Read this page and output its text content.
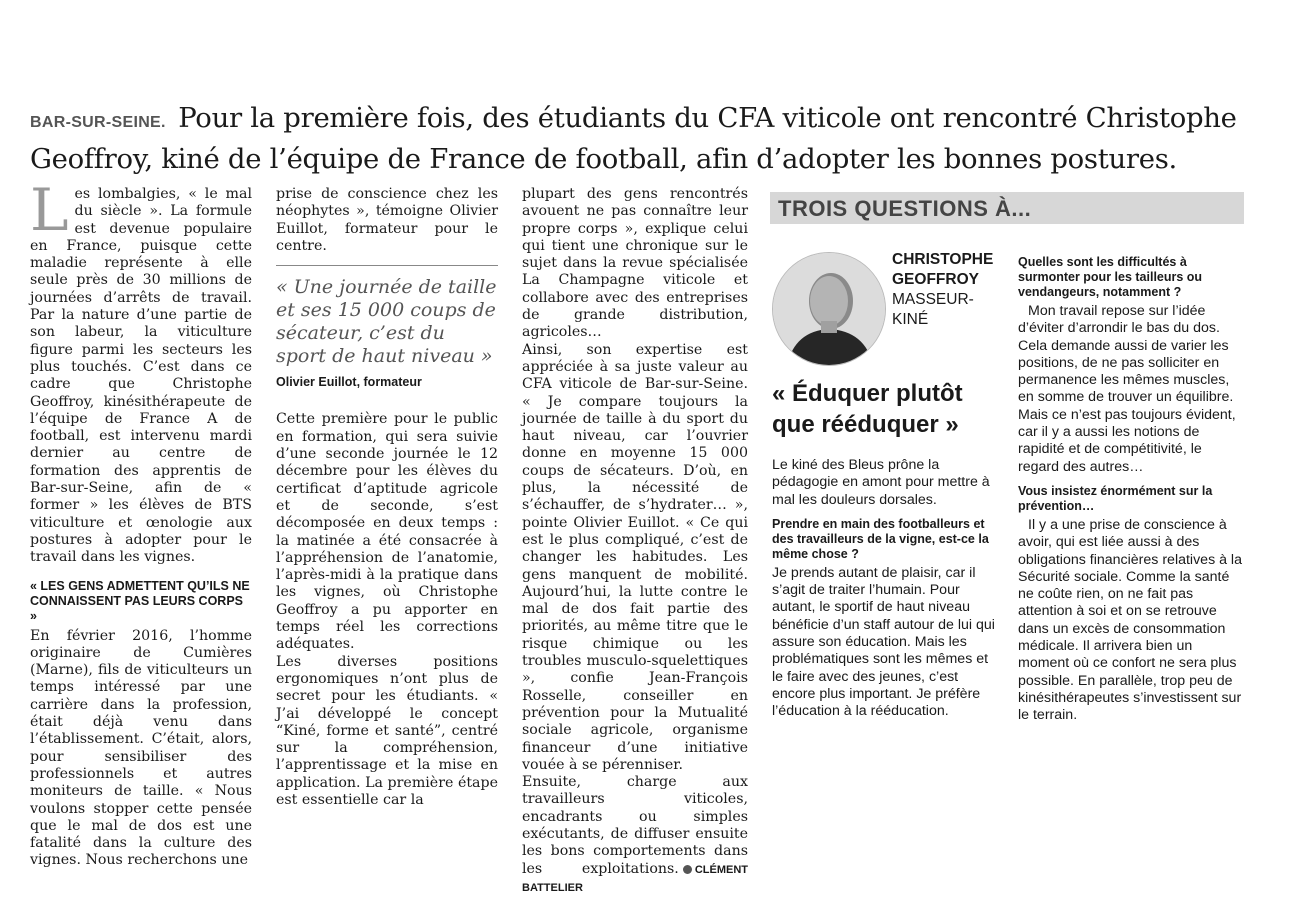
BAR-SUR-SEINE. Pour la première fois, des étudiants du CFA viticole ont rencontré Christophe Geoffroy, kiné de l’équipe de France de football, afin d’adopter les bonnes postures.
L es lombalgies, « le mal du siècle ». La formule est devenue populaire en France, puisque cette maladie représente à elle seule près de 30 millions de journées d’arrêts de travail. Par la nature d’une partie de son labeur, la viticulture figure parmi les secteurs les plus touchés. C’est dans ce cadre que Christophe Geoffroy, kinésithérapeute de l’équipe de France A de football, est intervenu mardi dernier au centre de formation des apprentis de Bar-sur-Seine, afin de « former » les élèves de BTS viticulture et œnologie aux postures à adopter pour le travail dans les vignes.

« LES GENS ADMETTENT QU’ILS NE CONNAISSENT PAS LEURS CORPS »

En février 2016, l’homme originaire de Cumières (Marne), fils de viticulteurs un temps intéressé par une carrière dans la profession, était déjà venu dans l’établissement. C’était, alors, pour sensibiliser des professionnels et autres moniteurs de taille. « Nous voulons stopper cette pensée que le mal de dos est une fatalité dans la culture des vignes. Nous recherchons une

prise de conscience chez les néophytes », témoigne Olivier Euillot, formateur pour le centre.

« Une journée de taille et ses 15 000 coups de sécateur, c’est du sport de haut niveau »
Olivier Euillot, formateur

Cette première pour le public en formation, qui sera suivie d’une seconde journée le 12 décembre pour les élèves du certificat d’aptitude agricole et de seconde, s’est décomposée en deux temps : la matinée a été consacrée à l’appréhension de l’anatomie, l’après-midi à la pratique dans les vignes, où Christophe Geoffroy a pu apporter en temps réel les corrections adéquates.

Les diverses positions ergonomiques n’ont plus de secret pour les étudiants. « J’ai développé le concept “Kiné, forme et santé”, centré sur la compréhension, l’apprentissage et la mise en application. La première étape est essentielle car la

plupart des gens rencontrés avouent ne pas connaître leur propre corps », explique celui qui tient une chronique sur le sujet dans la revue spécialisée La Champagne viticole et collabore avec des entreprises de grande distribution, agricoles…

Ainsi, son expertise est appréciée à sa juste valeur au CFA viticole de Bar-sur-Seine. « Je compare toujours la journée de taille à du sport du haut niveau, car l’ouvrier donne en moyenne 15 000 coups de sécateurs. D’où, en plus, la nécessité de s’échauffer, de s’hydrater… », pointe Olivier Euillot. « Ce qui est le plus compliqué, c’est de changer les habitudes. Les gens manquent de mobilité. Aujourd’hui, la lutte contre le mal de dos fait partie des priorités, au même titre que le risque chimique ou les troubles musculo-squelettiques », confie Jean-François Rosselle, conseiller en prévention pour la Mutualité sociale agricole, organisme financeur d’une initiative vouée à se pérenniser.

Ensuite, charge aux travailleurs viticoles, encadrants ou simples exécutants, de diffuser ensuite les bons comportements dans les exploitations. CLÉMENT BATTELIER

TROIS QUESTIONS À...
CHRISTOPHE
GEOFFROY
MASSEUR-
KINÉ
« Éduquer plutôt que rééduquer »

Le kiné des Bleus prône la pédagogie en amont pour mettre à mal les douleurs dorsales.

Prendre en main des footballeurs et des travailleurs de la vigne, est-ce la même chose ?

Je prends autant de plaisir, car il s’agit de traiter l’humain. Pour autant, le sportif de haut niveau bénéficie d’un staff autour de lui qui assure son éducation. Mais les problématiques sont les mêmes et le faire avec des jeunes, c’est encore plus important. Je préfère l’éducation à la rééducation.

Quelles sont les difficultés à surmonter pour les tailleurs ou vendangeurs, notamment ?

Mon travail repose sur l’idée d’éviter d’arrondir le bas du dos. Cela demande aussi de varier les positions, de ne pas solliciter en permanence les mêmes muscles, en somme de trouver un équilibre. Mais ce n’est pas toujours évident, car il y a aussi les notions de rapidité et de compétitivité, le regard des autres…

Vous insistez énormément sur la prévention…

Il y a une prise de conscience à avoir, qui est liée aussi à des obligations financières relatives à la Sécurité sociale. Comme la santé ne coûte rien, on ne fait pas attention à soi et on se retrouve dans un excès de consommation médicale. Il arrivera bien un moment où ce confort ne sera plus possible. En parallèle, trop peu de kinésithérapeutes s’investissent sur le terrain.
